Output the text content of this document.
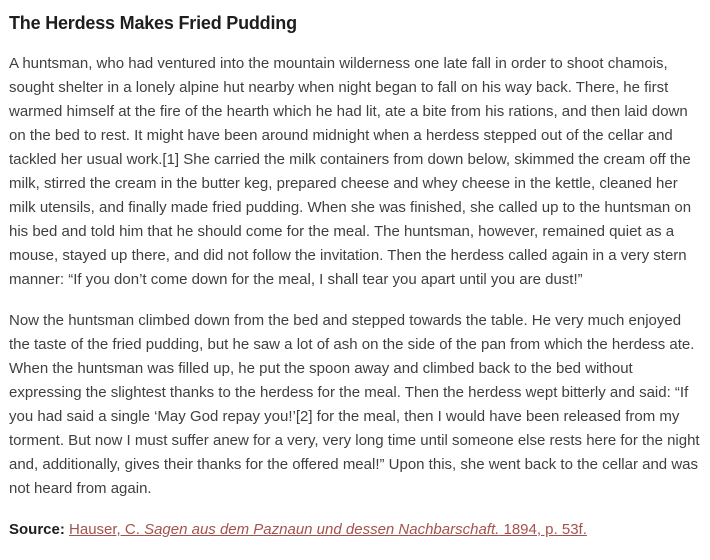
The Herdess Makes Fried Pudding

A huntsman, who had ventured into the mountain wilderness one late fall in order to shoot chamois, sought shelter in a lonely alpine hut nearby when night began to fall on his way back. There, he first warmed himself at the fire of the hearth which he had lit, ate a bite from his rations, and then laid down on the bed to rest. It might have been around midnight when a herdess stepped out of the cellar and tackled her usual work.[1] She carried the milk containers from down below, skimmed the cream off the milk, stirred the cream in the butter keg, prepared cheese and whey cheese in the kettle, cleaned her milk utensils, and finally made fried pudding. When she was finished, she called up to the huntsman on his bed and told him that he should come for the meal. The huntsman, however, remained quiet as a mouse, stayed up there, and did not follow the invitation. Then the herdess called again in a very stern manner: “If you don’t come down for the meal, I shall tear you apart until you are dust!”

Now the huntsman climbed down from the bed and stepped towards the table. He very much enjoyed the taste of the fried pudding, but he saw a lot of ash on the side of the pan from which the herdess ate. When the huntsman was filled up, he put the spoon away and climbed back to the bed without expressing the slightest thanks to the herdess for the meal. Then the herdess wept bitterly and said: “If you had said a single ‘May God repay you!’[2] for the meal, then I would have been released from my torment. But now I must suffer anew for a very, very long time until someone else rests here for the night and, additionally, gives their thanks for the offered meal!” Upon this, she went back to the cellar and was not heard from again.

Source: Hauser, C. Sagen aus dem Paznaun und dessen Nachbarschaft. 1894, p. 53f.
